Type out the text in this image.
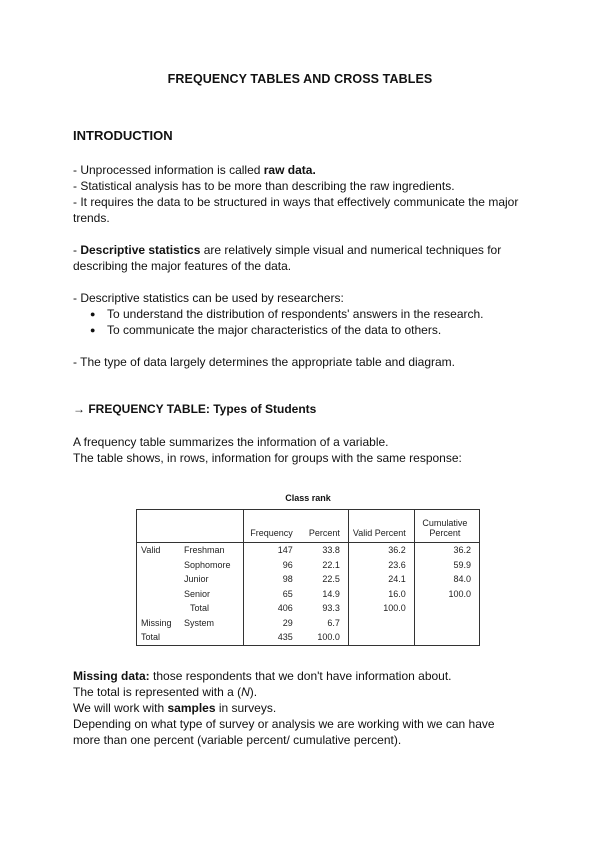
FREQUENCY TABLES AND CROSS TABLES
INTRODUCTION

- Unprocessed information is called raw data.

- Statistical analysis has to be more than describing the raw ingredients.

- It requires the data to be structured in ways that effectively communicate the major trends.

- Descriptive statistics are relatively simple visual and numerical techniques for describing the major features of the data.

- Descriptive statistics can be used by researchers:

● To understand the distribution of respondents' answers in the research.
● To communicate the major characteristics of the data to others.

- The type of data largely determines the appropriate table and diagram.

→ FREQUENCY TABLE: Types of Students

A frequency table summarizes the information of a variable.

The table shows, in rows, information for groups with the same response:

Class rank
		Frequency	Percent	Valid Percent	Cumulative Percent
Valid	Freshman	147	33.8	36.2	36.2
	Sophomore	96	22.1	23.6	59.9
	Junior	98	22.5	24.1	84.0
	Senior	65	14.9	16.0	100.0
	Total	406	93.3	100.0	
Missing	System	29	6.7		
Total		435	100.0		

Missing data: those respondents that we don't have information about.

The total is represented with a (N).

We will work with samples in surveys.

Depending on what type of survey or analysis we are working with we can have more than one percent (variable percent/ cumulative percent).
